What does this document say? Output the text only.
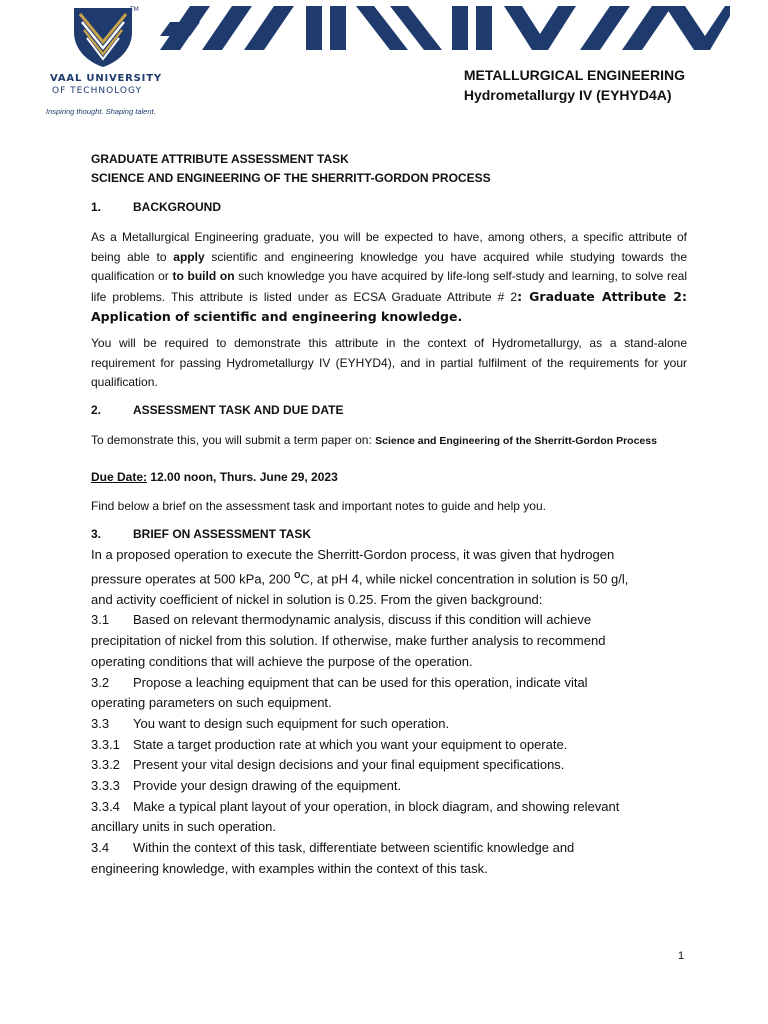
TM
VAAL UNIVERSITY
OF TECHNOLOGY
Inspiring thought. Shaping talent.
METALLURGICAL ENGINEERING
Hydrometallurgy IV (EYHYD4A)
GRADUATE ATTRIBUTE ASSESSMENT TASK
SCIENCE AND ENGINEERING OF THE SHERRITT-GORDON PROCESS
1.	BACKGROUND
As a Metallurgical Engineering graduate, you will be expected to have, among others, a specific attribute of being able to apply scientific and engineering knowledge you have acquired while studying towards the qualification or to build on such knowledge you have acquired by life-long self-study and learning, to solve real life problems. This attribute is listed under as ECSA Graduate Attribute # 2: Graduate Attribute 2: Application of scientific and engineering knowledge.
You will be required to demonstrate this attribute in the context of Hydrometallurgy, as a stand-alone requirement for passing Hydrometallurgy IV (EYHYD4), and in partial fulfilment of the requirements for your qualification.
2.	ASSESSMENT TASK AND DUE DATE
To demonstrate this, you will submit a term paper on: Science and Engineering of the Sherritt-Gordon Process
Due Date: 12.00 noon, Thurs. June 29, 2023
Find below a brief on the assessment task and important notes to guide and help you.
3.	BRIEF ON ASSESSMENT TASK
In a proposed operation to execute the Sherritt-Gordon process, it was given that hydrogen
pressure operates at 500 kPa, 200 $^O$C, at pH 4, while nickel concentration in solution is 50 g/l,
and activity coefficient of nickel in solution is 0.25. From the given background:
3.1 Based on relevant thermodynamic analysis, discuss if this condition will achieve
precipitation of nickel from this solution. If otherwise, make further analysis to recommend
operating conditions that will achieve the purpose of the operation.
3.2 Propose a leaching equipment that can be used for this operation, indicate vital
operating parameters on such equipment.
3.3 You want to design such equipment for such operation.
3.3.1 State a target production rate at which you want your equipment to operate.
3.3.2 Present your vital design decisions and your final equipment specifications.
3.3.3 Provide your design drawing of the equipment.
3.3.4 Make a typical plant layout of your operation, in block diagram, and showing relevant
ancillary units in such operation.
3.4 Within the context of this task, differentiate between scientific knowledge and
engineering knowledge, with examples within the context of this task.
1
